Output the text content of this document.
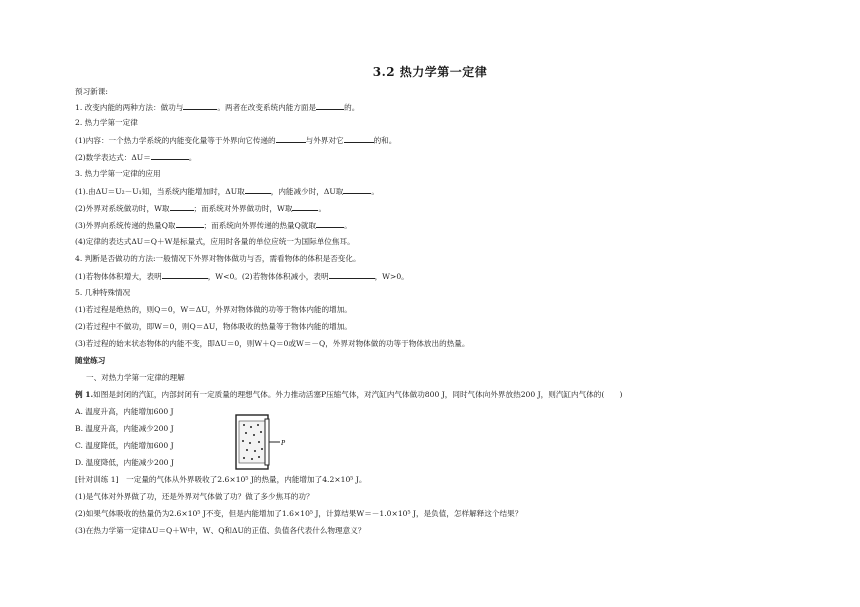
3.2 热力学第一定律
预习新课:
1. 改变内能的两种方法：做功与	。两者在改变系统内能方面是	的。
2. 热力学第一定律
(1)内容：一个热力学系统的内能变化量等于外界向它传递的	与外界对它	的和。
(2)数学表达式：ΔU＝	。
3. 热力学第一定律的应用
(1).由ΔU＝U₂－U₁知，当系统内能增加时，ΔU取	，内能减少时，ΔU取	。
(2)外界对系统做功时，W取	；而系统对外界做功时，W取	。
(3)外界向系统传递的热量Q取	；而系统向外界传递的热量Q就取	。
(4)定律的表达式ΔU＝Q＋W是标量式，应用时各量的单位应统一为国际单位焦耳。
4. 判断是否做功的方法:一般情况下外界对物体做功与否，需看物体的体积是否变化。
(1)若物体体积增大，表明	，W<0。(2)若物体体积减小，表明	，W>0。
5. 几种特殊情况
(1)若过程是绝热的，则Q＝0，W＝ΔU，外界对物体做的功等于物体内能的增加。
(2)若过程中不做功，即W＝0，则Q＝ΔU，物体吸收的热量等于物体内能的增加。
(3)若过程的始末状态物体的内能不变，即ΔU＝0，则W＋Q＝0或W＝－Q，外界对物体做的功等于物体放出的热量。
随堂练习
一、对热力学第一定律的理解
例 1.如图是封闭的汽缸，内部封闭有一定质量的理想气体。外力推动活塞P压缩气体，对汽缸内气体做功800 J，同时气体向外界放热200 J，则汽缸内气体的(　　)
A. 温度升高，内能增加600 J
B. 温度升高，内能减少200 J
C. 温度降低，内能增加600 J
D. 温度降低，内能减少200 J
P
[针对训练 1]　一定量的气体从外界吸收了2.6×10⁵ J的热量，内能增加了4.2×10⁵ J。
(1)是气体对外界做了功，还是外界对气体做了功？做了多少焦耳的功？
(2)如果气体吸收的热量仍为2.6×10⁵ J不变，但是内能增加了1.6×10⁵ J，计算结果W＝－1.0×10⁵ J，是负值，怎样解释这个结果？
(3)在热力学第一定律ΔU＝Q＋W中，W、Q和ΔU的正值、负值各代表什么物理意义？
